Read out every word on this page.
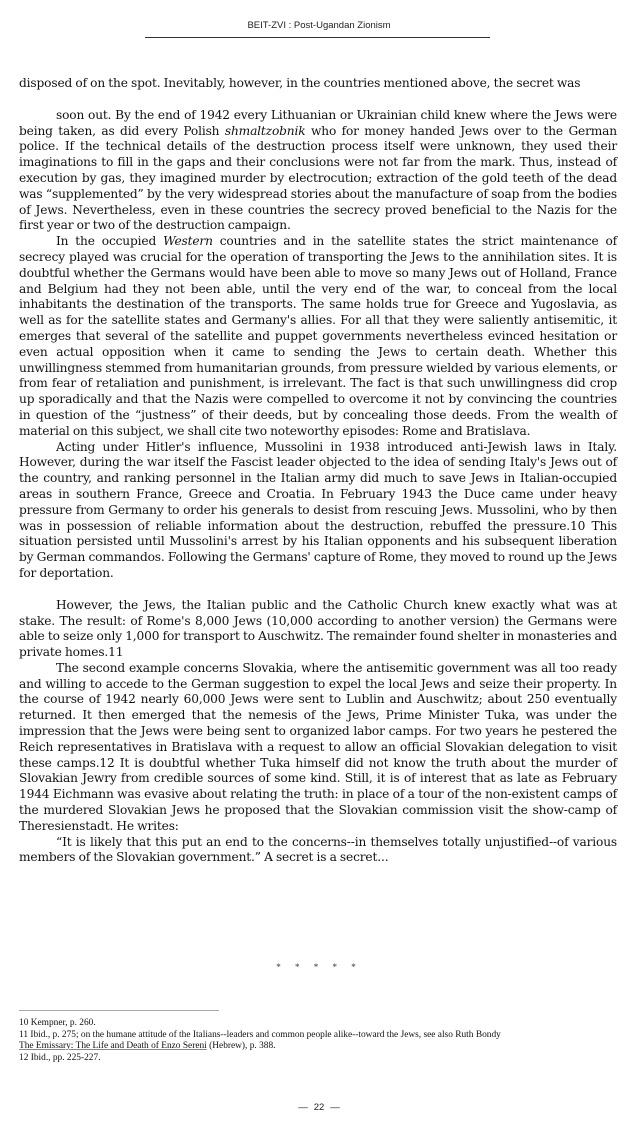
BEIT-ZVI : Post-Ugandan Zionism

disposed of on the spot. Inevitably, however, in the countries mentioned above, the secret was

soon out. By the end of 1942 every Lithuanian or Ukrainian child knew where the Jews were being taken, as did every Polish shmaltzobnik who for money handed Jews over to the German police. If the technical details of the destruction process itself were unknown, they used their imaginations to fill in the gaps and their conclusions were not far from the mark. Thus, instead of execution by gas, they imagined murder by electrocution; extraction of the gold teeth of the dead was “supplemented” by the very widespread stories about the manufacture of soap from the bodies of Jews. Nevertheless, even in these countries the secrecy proved beneficial to the Nazis for the first year or two of the destruction campaign.

In the occupied Western countries and in the satellite states the strict maintenance of secrecy played was crucial for the operation of transporting the Jews to the annihilation sites. It is doubtful whether the Germans would have been able to move so many Jews out of Holland, France and Belgium had they not been able, until the very end of the war, to conceal from the local inhabitants the destination of the transports. The same holds true for Greece and Yugoslavia, as well as for the satellite states and Germany's allies. For all that they were saliently antisemitic, it emerges that several of the satellite and puppet governments nevertheless evinced hesitation or even actual opposition when it came to sending the Jews to certain death. Whether this unwillingness stemmed from humanitarian grounds, from pressure wielded by various elements, or from fear of retaliation and punishment, is irrelevant. The fact is that such unwillingness did crop up sporadically and that the Nazis were compelled to overcome it not by convincing the countries in question of the “justness” of their deeds, but by concealing those deeds. From the wealth of material on this subject, we shall cite two noteworthy episodes: Rome and Bratislava.

Acting under Hitler's influence, Mussolini in 1938 introduced anti-Jewish laws in Italy. However, during the war itself the Fascist leader objected to the idea of sending Italy's Jews out of the country, and ranking personnel in the Italian army did much to save Jews in Italian-occupied areas in southern France, Greece and Croatia. In February 1943 the Duce came under heavy pressure from Germany to order his generals to desist from rescuing Jews. Mussolini, who by then was in possession of reliable information about the destruction, rebuffed the pressure.10 This situation persisted until Mussolini's arrest by his Italian opponents and his subsequent liberation by German commandos. Following the Germans' capture of Rome, they moved to round up the Jews for deportation.

However, the Jews, the Italian public and the Catholic Church knew exactly what was at stake. The result: of Rome's 8,000 Jews (10,000 according to another version) the Germans were able to seize only 1,000 for transport to Auschwitz. The remainder found shelter in monasteries and private homes.11

The second example concerns Slovakia, where the antisemitic government was all too ready and willing to accede to the German suggestion to expel the local Jews and seize their property. In the course of 1942 nearly 60,000 Jews were sent to Lublin and Auschwitz; about 250 eventually returned. It then emerged that the nemesis of the Jews, Prime Minister Tuka, was under the impression that the Jews were being sent to organized labor camps. For two years he pestered the Reich representatives in Bratislava with a request to allow an official Slovakian delegation to visit these camps.12 It is doubtful whether Tuka himself did not know the truth about the murder of Slovakian Jewry from credible sources of some kind. Still, it is of interest that as late as February 1944 Eichmann was evasive about relating the truth: in place of a tour of the non-existent camps of the murdered Slovakian Jews he proposed that the Slovakian commission visit the show-camp of Theresienstadt. He writes:

“It is likely that this put an end to the concerns--in themselves totally unjustified--of various members of the Slovakian government.” A secret is a secret...

* * * * *
10 Kempner, p. 260.
11 Ibid., p. 275; on the humane attitude of the Italians--leaders and common people alike--toward the Jews, see also Ruth Bondy
The Emissary: The Life and Death of Enzo Sereni (Hebrew), p. 388.
12 Ibid., pp. 225-227.
— 22 —
